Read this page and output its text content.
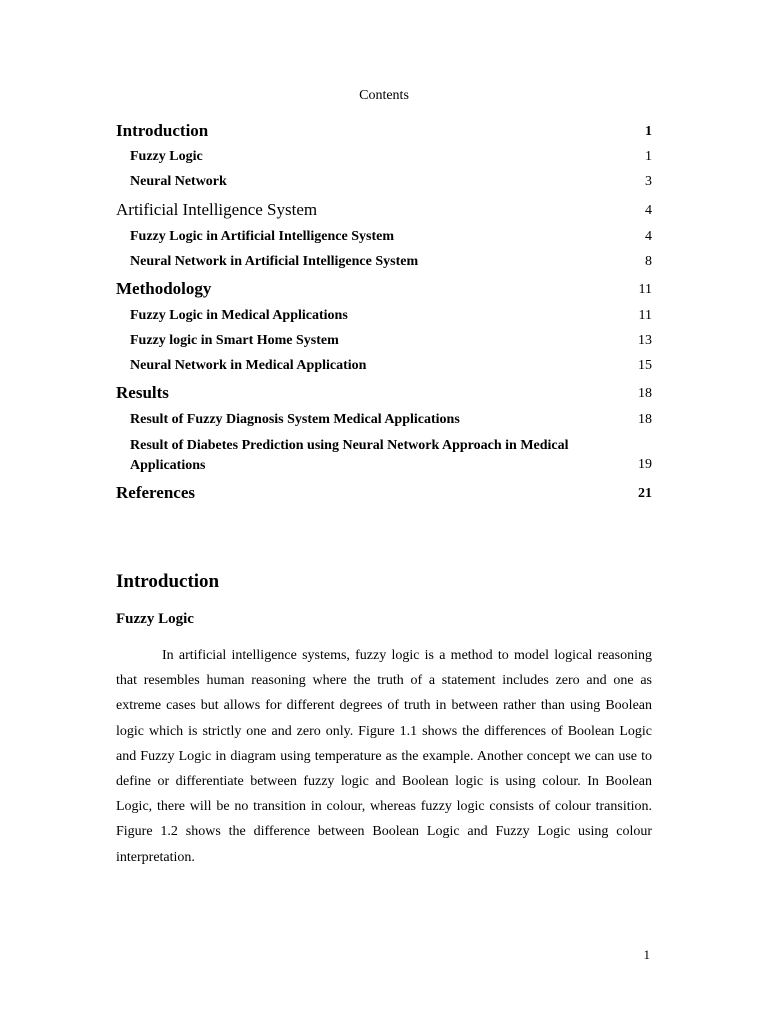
Contents
Introduction	1
Fuzzy Logic	1
Neural Network	3
Artificial Intelligence System	4
Fuzzy Logic in Artificial Intelligence System	4
Neural Network in Artificial Intelligence System	8
Methodology	11
Fuzzy Logic in Medical Applications	11
Fuzzy logic in Smart Home System	13
Neural Network in Medical Application	15
Results	18
Result of Fuzzy Diagnosis System Medical Applications	18
Result of Diabetes Prediction using Neural Network Approach in Medical Applications	19
References	21
Introduction
Fuzzy Logic

In artificial intelligence systems, fuzzy logic is a method to model logical reasoning that resembles human reasoning where the truth of a statement includes zero and one as extreme cases but allows for different degrees of truth in between rather than using Boolean logic which is strictly one and zero only. Figure 1.1 shows the differences of Boolean Logic and Fuzzy Logic in diagram using temperature as the example. Another concept we can use to define or differentiate between fuzzy logic and Boolean logic is using colour. In Boolean Logic, there will be no transition in colour, whereas fuzzy logic consists of colour transition. Figure 1.2 shows the difference between Boolean Logic and Fuzzy Logic using colour interpretation.

1
